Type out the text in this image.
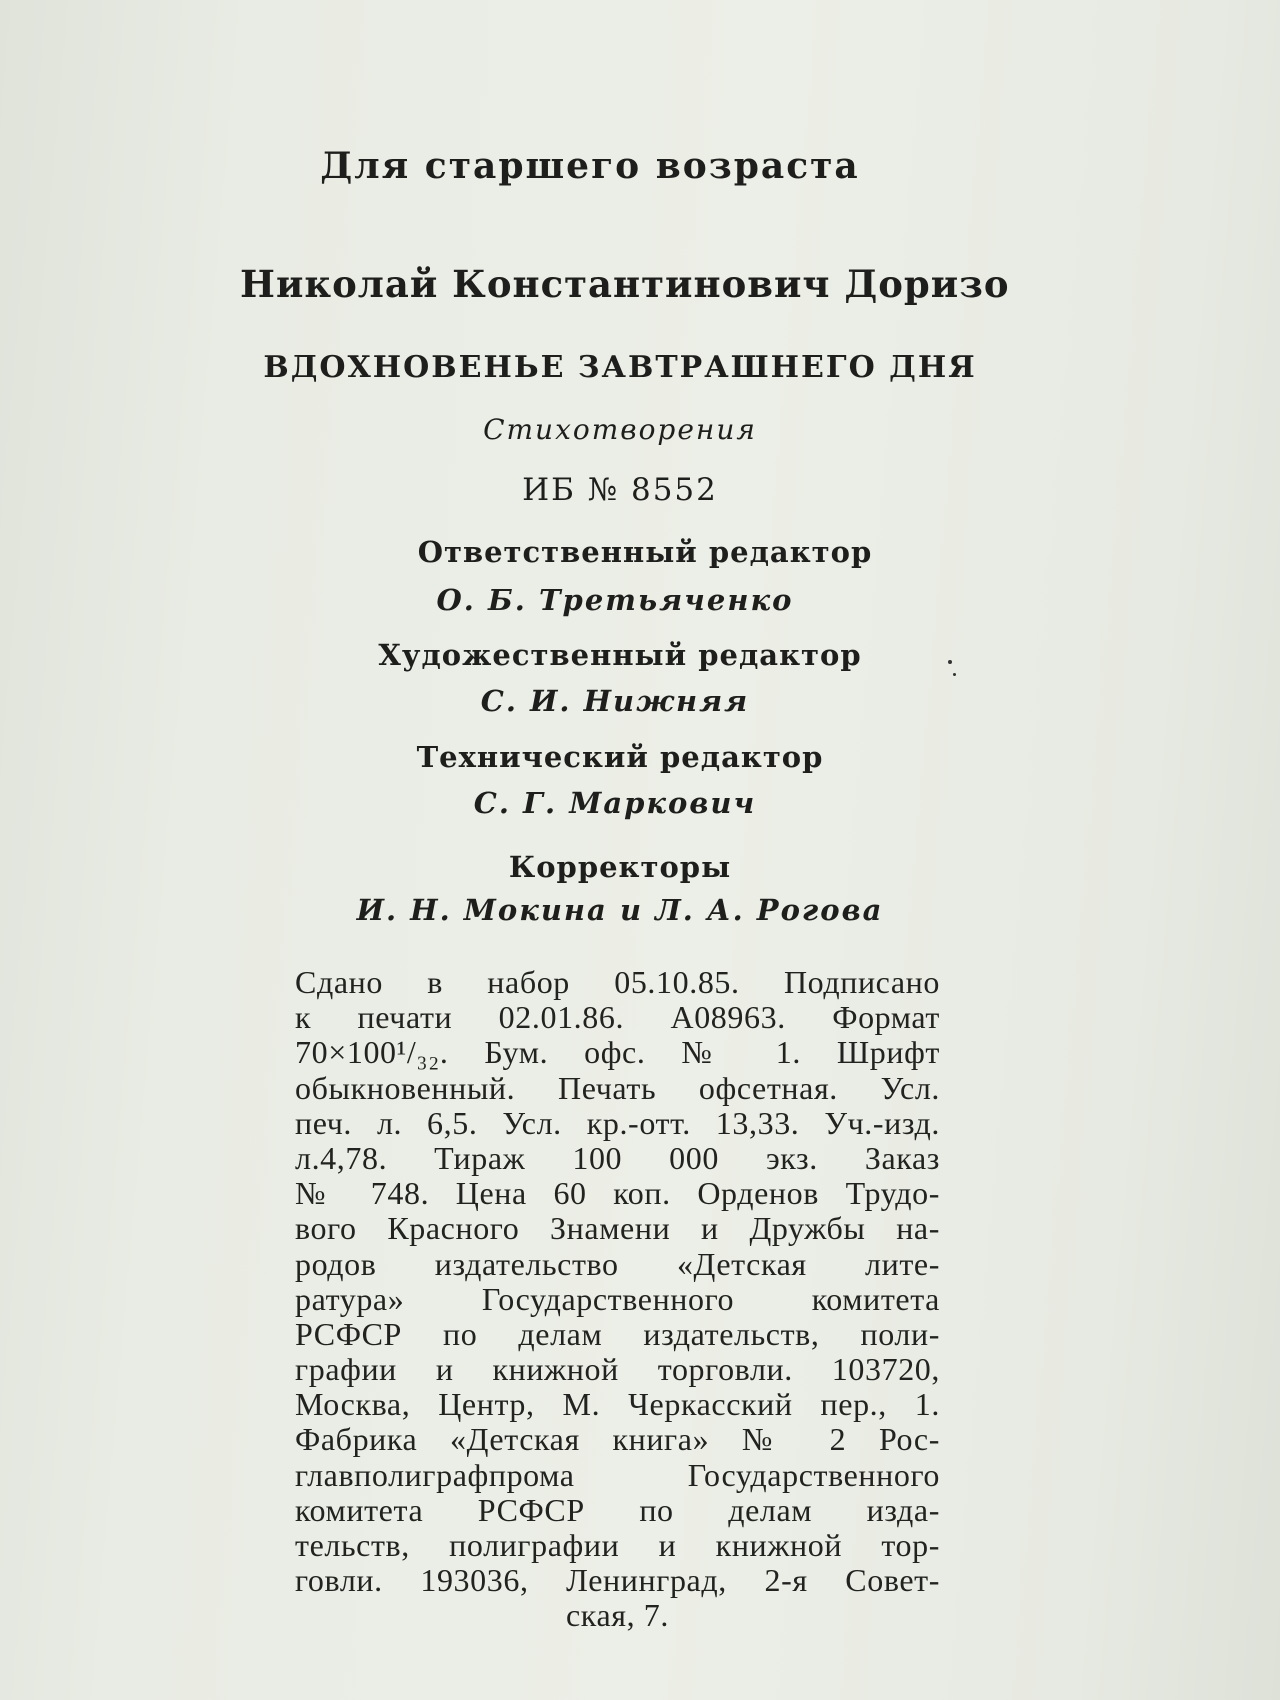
Для старшего возраста
Николай Константинович Доризо
ВДОХНОВЕНЬЕ ЗАВТРАШНЕГО ДНЯ
Стихотворения
ИБ № 8552
Ответственный редактор
О. Б. Третьяченко
Художественный редактор
С. И. Нижняя
Технический редактор
С. Г. Маркович
Корректоры
И. Н. Мокина и Л. А. Рогова
Сдано в набор 05.10.85. Подписано
к печати 02.01.86. А08963. Формат
70×100¹/₃₂. Бум. офс. № 1. Шрифт
обыкновенный. Печать офсетная. Усл.
печ. л. 6,5. Усл. кр.-отт. 13,33. Уч.-изд.
л.4,78. Тираж 100 000 экз. Заказ
№ 748. Цена 60 коп. Орденов Трудо-
вого Красного Знамени и Дружбы на-
родов издательство «Детская лите-
ратура» Государственного комитета
РСФСР по делам издательств, поли-
графии и книжной торговли. 103720,
Москва, Центр, М. Черкасский пер., 1.
Фабрика «Детская книга» № 2 Рос-
главполиграфпрома Государственного
комитета РСФСР по делам изда-
тельств, полиграфии и книжной тор-
говли. 193036, Ленинград, 2-я Совет-
ская, 7.
